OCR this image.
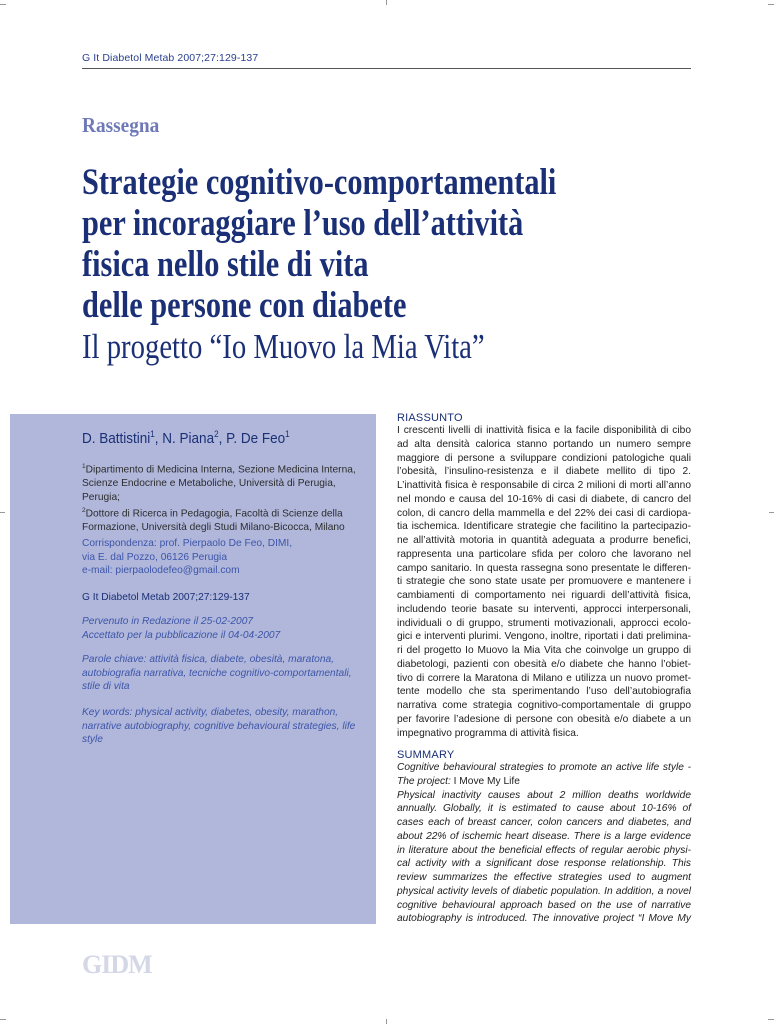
G It Diabetol Metab 2007;27:129-137
Rassegna
Strategie cognitivo-comportamentali
per incoraggiare l’uso dell’attività
fisica nello stile di vita
delle persone con diabete
Il progetto “Io Muovo la Mia Vita”
D. Battistini$^1$, N. Piana$^2$, P. De Feo$^1$

$^1$Dipartimento di Medicina Interna, Sezione Medicina Interna, Scienze Endocrine e Metaboliche, Università di Perugia, Perugia;

$^2$Dottore di Ricerca in Pedagogia, Facoltà di Scienze della Formazione, Università degli Studi Milano-Bicocca, Milano

Corrispondenza: prof. Pierpaolo De Feo, DIMI,

via E. dal Pozzo, 06126 Perugia

e-mail: pierpaolodefeo@gmail.com

G It Diabetol Metab 2007;27:129-137

Pervenuto in Redazione il 25-02-2007

Accettato per la pubblicazione il 04-04-2007

Parole chiave: attività fisica, diabete, obesità, maratona, autobiografia narrativa, tecniche cognitivo-comportamentali, stile di vita
Key words: physical activity, diabetes, obesity, marathon, narrative autobiography, cognitive behavioural strategies, life style
RIASSUNTO
I crescenti livelli di inattività fisica e la facile disponibilità di cibo
ad alta densità calorica stanno portando un numero sempre
maggiore di persone a sviluppare condizioni patologiche quali
l’obesità, l’insulino-resistenza e il diabete mellito di tipo 2.
L’inattività fisica è responsabile di circa 2 milioni di morti all’anno
nel mondo e causa del 10-16% di casi di diabete, di cancro del
colon, di cancro della mammella e del 22% dei casi di cardiopa-
tia ischemica. Identificare strategie che facilitino la partecipazio-
ne all’attività motoria in quantità adeguata a produrre benefici,
rappresenta una particolare sfida per coloro che lavorano nel
campo sanitario. In questa rassegna sono presentate le differen-
ti strategie che sono state usate per promuovere e mantenere i
cambiamenti di comportamento nei riguardi dell’attività fisica,
includendo teorie basate su interventi, approcci interpersonali,
individuali o di gruppo, strumenti motivazionali, approcci ecolo-
gici e interventi plurimi. Vengono, inoltre, riportati i dati prelimina-
ri del progetto Io Muovo la Mia Vita che coinvolge un gruppo di
diabetologi, pazienti con obesità e/o diabete che hanno l’obiet-
tivo di correre la Maratona di Milano e utilizza un nuovo promet-
tente modello che sta sperimentando l’uso dell’autobiografia
narrativa come strategia cognitivo-comportamentale di gruppo
per favorire l’adesione di persone con obesità e/o diabete a un
impegnativo programma di attività fisica.
SUMMARY
Cognitive behavioural strategies to promote an active life style -
The project: I Move My Life
Physical inactivity causes about 2 million deaths worldwide
annually. Globally, it is estimated to cause about 10-16% of
cases each of breast cancer, colon cancers and diabetes, and
about 22% of ischemic heart disease. There is a large evidence
in literature about the beneficial effects of regular aerobic physi-
cal activity with a significant dose response relationship. This
review summarizes the effective strategies used to augment
physical activity levels of diabetic population. In addition, a novel
cognitive behavioural approach based on the use of narrative
autobiography is introduced. The innovative project “I Move My
GIDM
